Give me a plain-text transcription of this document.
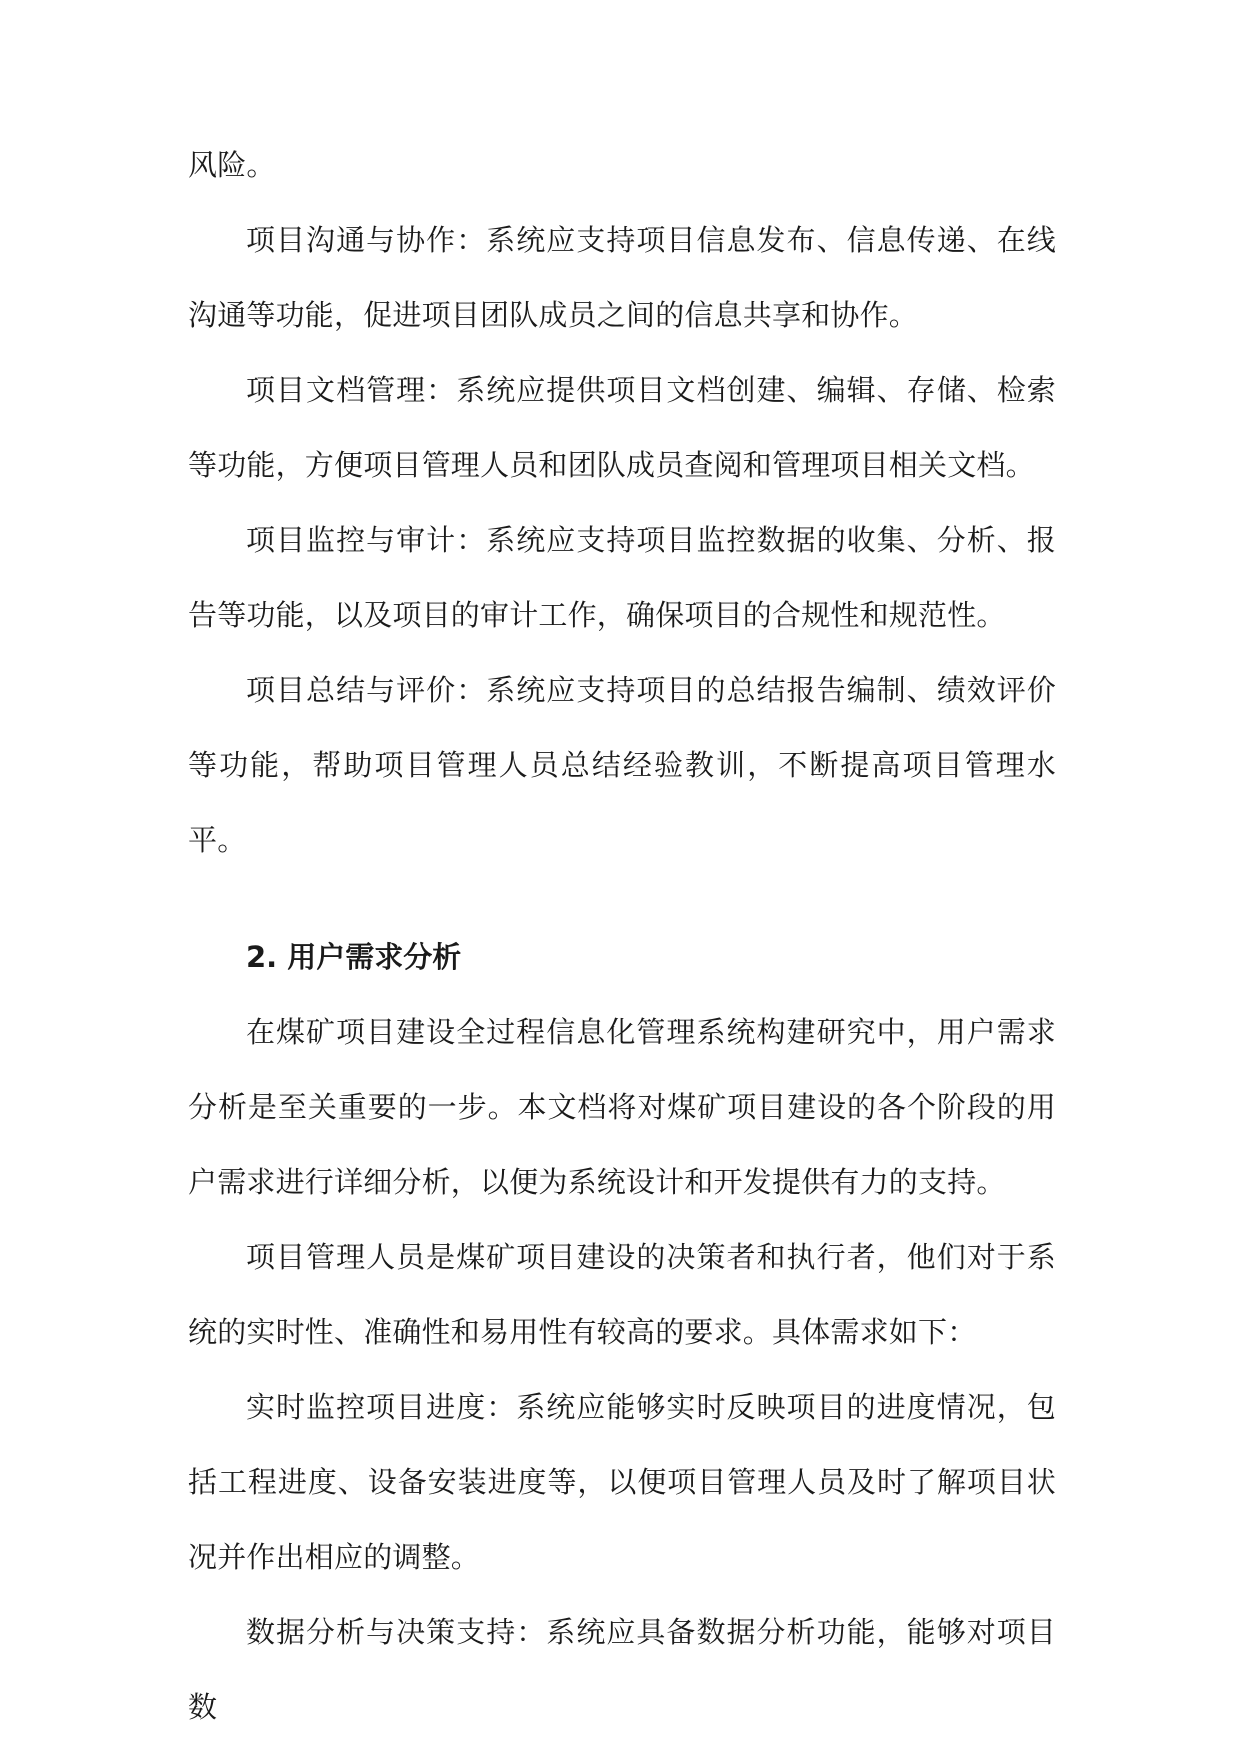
风险。

项目沟通与协作：系统应支持项目信息发布、信息传递、在线沟通等功能，促进项目团队成员之间的信息共享和协作。

项目文档管理：系统应提供项目文档创建、编辑、存储、检索等功能，方便项目管理人员和团队成员查阅和管理项目相关文档。

项目监控与审计：系统应支持项目监控数据的收集、分析、报告等功能，以及项目的审计工作，确保项目的合规性和规范性。

项目总结与评价：系统应支持项目的总结报告编制、绩效评价等功能，帮助项目管理人员总结经验教训，不断提高项目管理水平。

2. 用户需求分析

在煤矿项目建设全过程信息化管理系统构建研究中，用户需求分析是至关重要的一步。本文档将对煤矿项目建设的各个阶段的用户需求进行详细分析，以便为系统设计和开发提供有力的支持。

项目管理人员是煤矿项目建设的决策者和执行者，他们对于系统的实时性、准确性和易用性有较高的要求。具体需求如下：

实时监控项目进度：系统应能够实时反映项目的进度情况，包括工程进度、设备安装进度等，以便项目管理人员及时了解项目状况并作出相应的调整。

数据分析与决策支持：系统应具备数据分析功能，能够对项目数
